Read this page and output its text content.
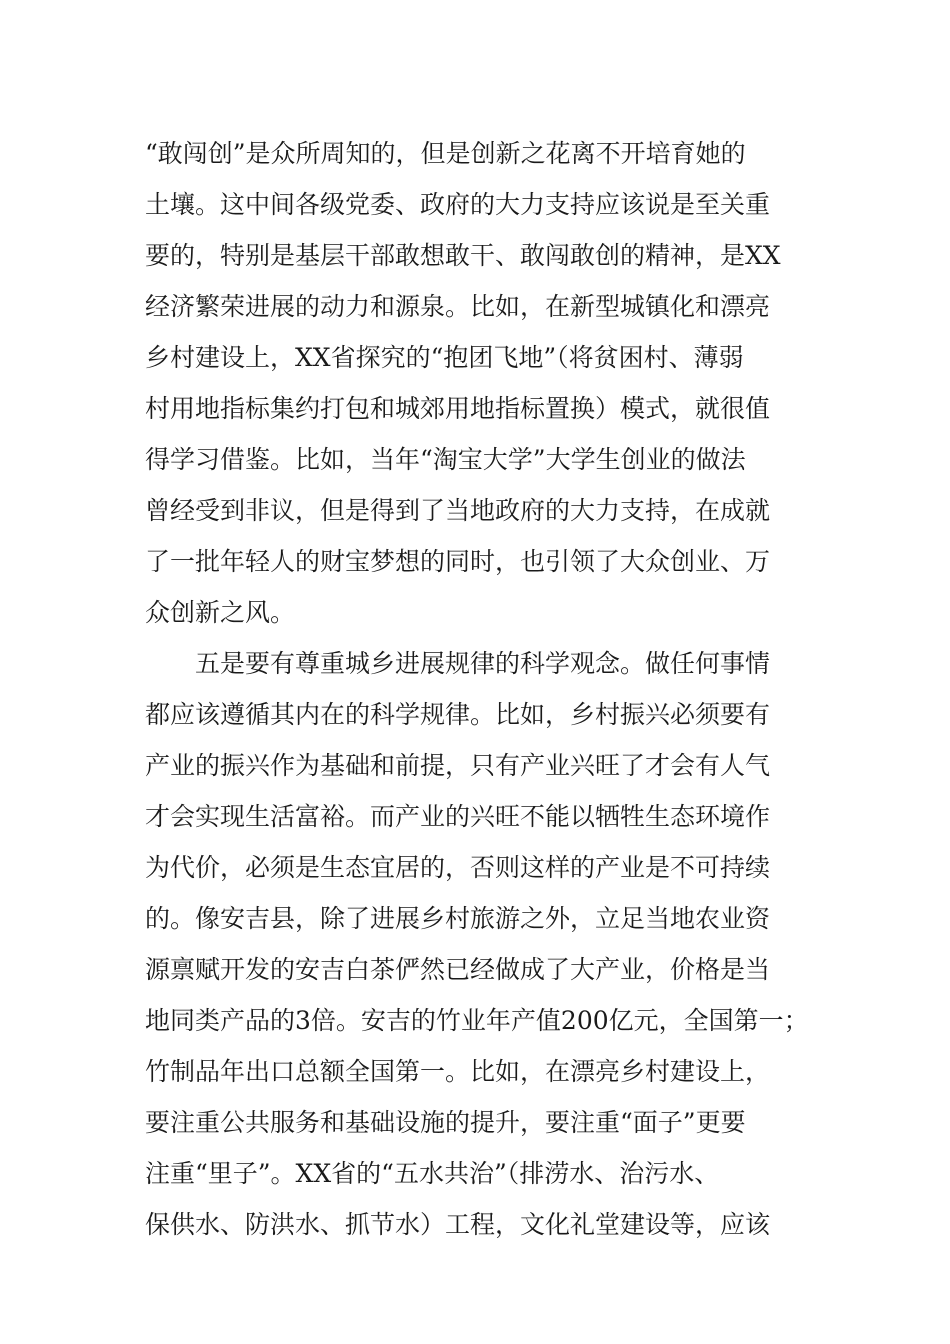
“敢闯创”是众所周知的，但是创新之花离不开培育她的
土壤。这中间各级党委、政府的大力支持应该说是至关重
要的，特别是基层干部敢想敢干、敢闯敢创的精神，是XX
经济繁荣进展的动力和源泉。比如，在新型城镇化和漂亮
乡村建设上，XX省探究的“抱团飞地”（将贫困村、薄弱
村用地指标集约打包和城郊用地指标置换）模式，就很值
得学习借鉴。比如，当年“淘宝大学”大学生创业的做法
曾经受到非议，但是得到了当地政府的大力支持，在成就
了一批年轻人的财宝梦想的同时，也引领了大众创业、万
众创新之风。
　　五是要有尊重城乡进展规律的科学观念。做任何事情
都应该遵循其内在的科学规律。比如，乡村振兴必须要有
产业的振兴作为基础和前提，只有产业兴旺了才会有人气
才会实现生活富裕。而产业的兴旺不能以牺牲生态环境作
为代价，必须是生态宜居的，否则这样的产业是不可持续
的。像安吉县，除了进展乡村旅游之外，立足当地农业资
源禀赋开发的安吉白茶俨然已经做成了大产业，价格是当
地同类产品的3倍。安吉的竹业年产值200亿元，全国第一；
竹制品年出口总额全国第一。比如，在漂亮乡村建设上，
要注重公共服务和基础设施的提升，要注重“面子”更要
注重“里子”。XX省的“五水共治”（排涝水、治污水、
保供水、防洪水、抓节水）工程，文化礼堂建设等，应该
